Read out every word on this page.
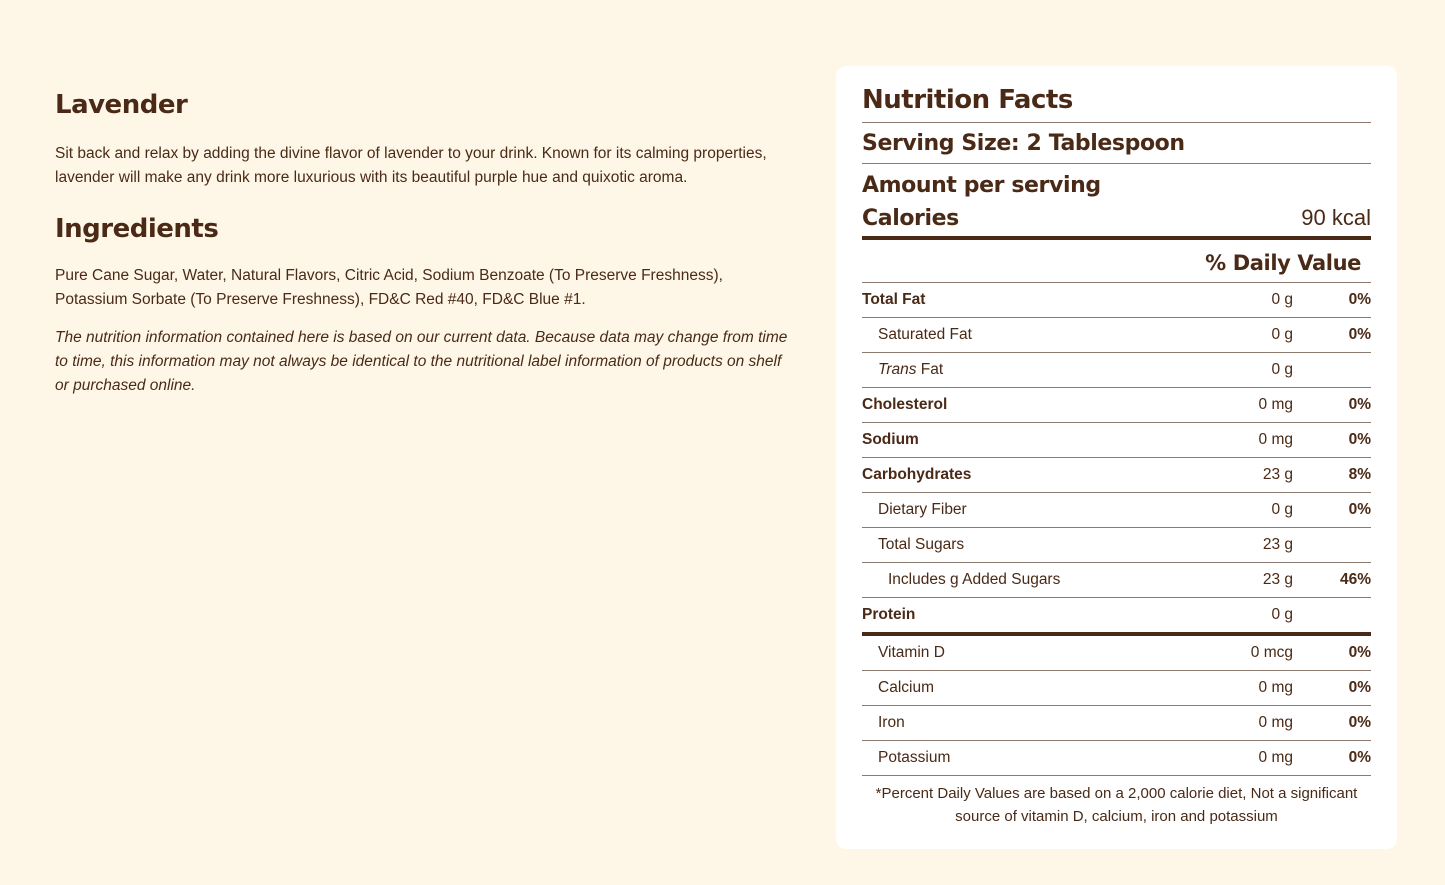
Lavender

Sit back and relax by adding the divine flavor of lavender to your drink. Known for its calming properties, lavender will make any drink more luxurious with its beautiful purple hue and quixotic aroma.

Ingredients

Pure Cane Sugar, Water, Natural Flavors, Citric Acid, Sodium Benzoate (To Preserve Freshness), Potassium Sorbate (To Preserve Freshness), FD&C Red #40, FD&C Blue #1.

The nutrition information contained here is based on our current data. Because data may change from time to time, this information may not always be identical to the nutritional label information of products on shelf or purchased online.

Nutrition Facts
Serving Size: 2 Tablespoon
Amount per serving
Calories	90 kcal
% Daily Value
Total Fat	0 g	0%
Saturated Fat	0 g	0%
Trans Fat	0 g
Cholesterol	0 mg	0%
Sodium	0 mg	0%
Carbohydrates	23 g	8%
Dietary Fiber	0 g	0%
Total Sugars	23 g
Includes g Added Sugars	23 g	46%
Protein	0 g
Vitamin D	0 mcg	0%
Calcium	0 mg	0%
Iron	0 mg	0%
Potassium	0 mg	0%
*Percent Daily Values are based on a 2,000 calorie diet, Not a significant source of vitamin D, calcium, iron and potassium
